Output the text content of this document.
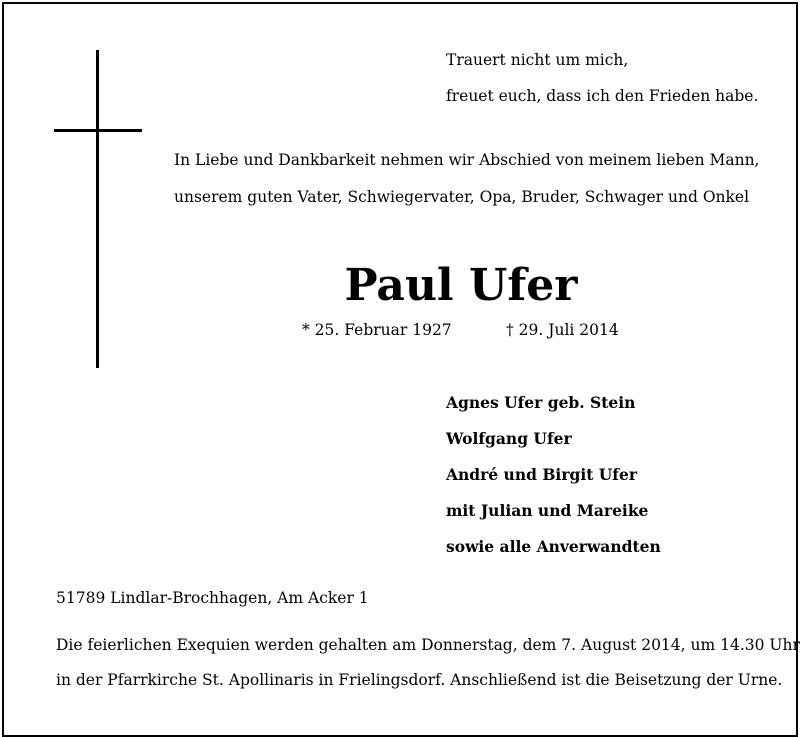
Trauert nicht um mich,
freuet euch, dass ich den Frieden habe.
In Liebe und Dankbarkeit nehmen wir Abschied von meinem lieben Mann,
unserem guten Vater, Schwiegervater, Opa, Bruder, Schwager und Onkel
Paul Ufer
* 25. Februar 1927	† 29. Juli 2014
Agnes Ufer geb. Stein
Wolfgang Ufer
André und Birgit Ufer
mit Julian und Mareike
sowie alle Anverwandten
51789 Lindlar-Brochhagen, Am Acker 1
Die feierlichen Exequien werden gehalten am Donnerstag, dem 7. August 2014, um 14.30 Uhr
in der Pfarrkirche St. Apollinaris in Frielingsdorf. Anschließend ist die Beisetzung der Urne.
